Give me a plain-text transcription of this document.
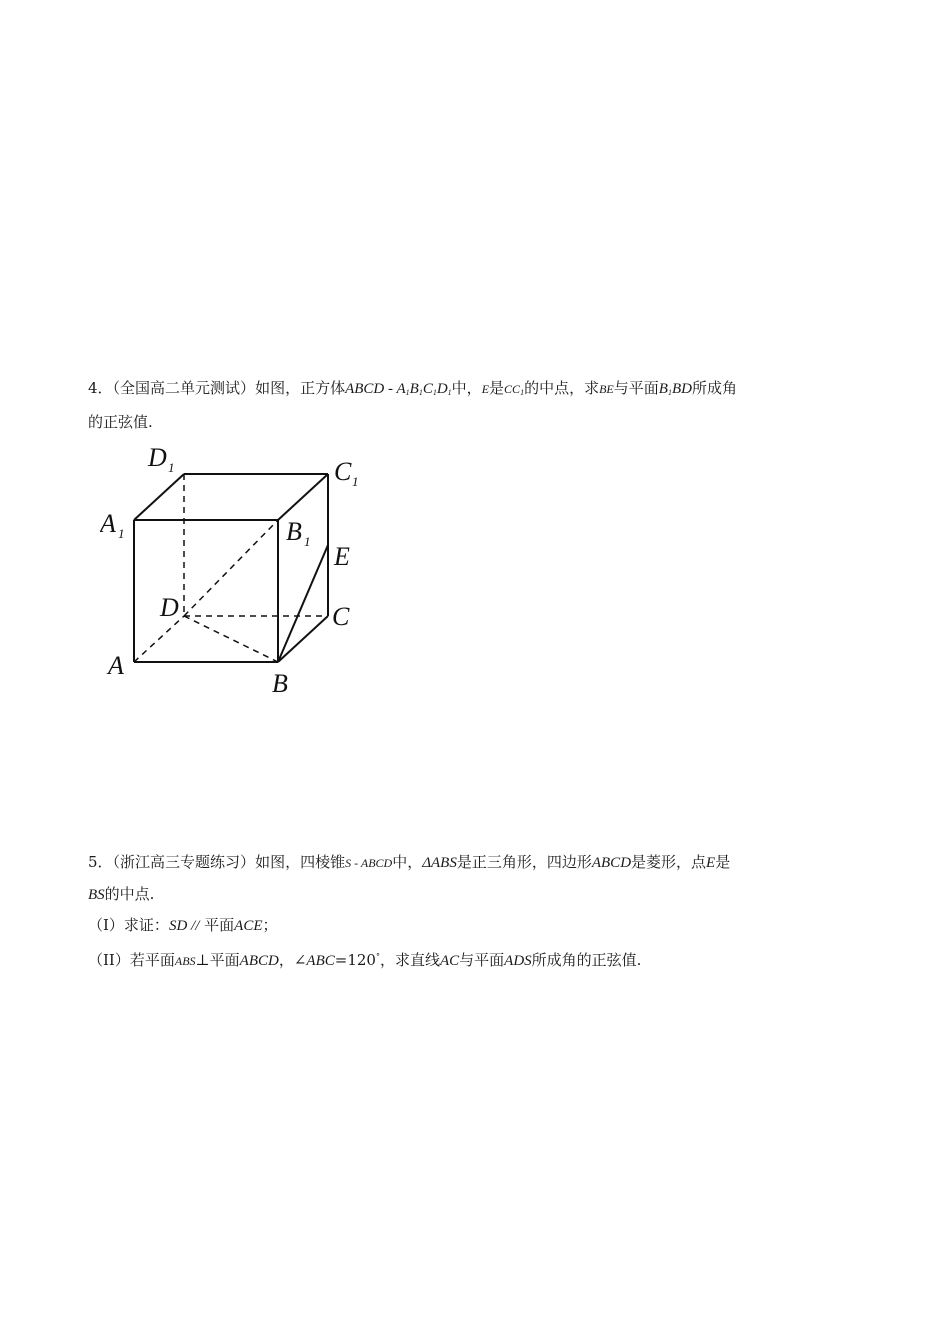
4．（全国高二单元测试）如图，正方体ABCD - $A_1B_1C_1D_1$中，E是$CC_1$的中点，求BE与平面$B_1BD$所成角
的正弦值.
D 1	C 1
A 1	B 1
E
D	C
A
B
5．（浙江高三专题练习）如图，四棱锥S - ABCD中，ΔABS是正三角形，四边形ABCD是菱形，点E是
BS的中点.
（I）求证：SD // 平面ACE；
（II）若平面ABS⊥平面ABCD，∠ABC=120°，求直线AC与平面ADS所成角的正弦值.
